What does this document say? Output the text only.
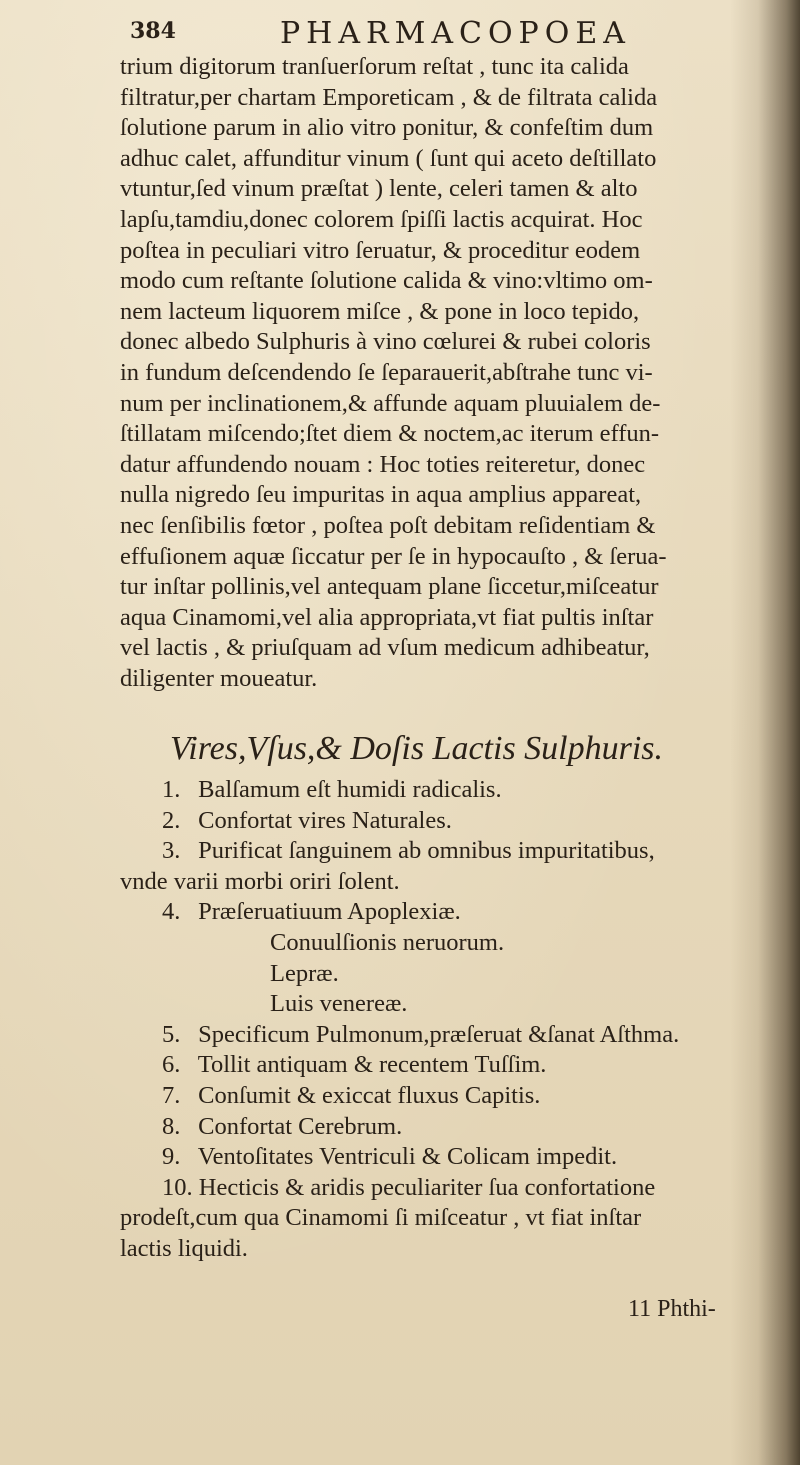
384	PHARMACOPOEA
trium digitorum tranſuerſorum reſtat , tunc ita calida
filtratur,per chartam Emporeticam , & de filtrata calida
ſolutione parum in alio vitro ponitur, & confeſtim dum
adhuc calet, affunditur vinum ( ſunt qui aceto deſtillato
vtuntur,ſed vinum præſtat ) lente, celeri tamen & alto
lapſu,tamdiu,donec colorem ſpiſſi lactis acquirat. Hoc
poſtea in peculiari vitro ſeruatur, & proceditur eodem
modo cum reſtante ſolutione calida & vino:vltimo om-
nem lacteum liquorem miſce , & pone in loco tepido,
donec albedo Sulphuris à vino cœlurei & rubei coloris
in fundum deſcendendo ſe ſeparauerit,abſtrahe tunc vi-
num per inclinationem,& affunde aquam pluuialem de-
ſtillatam miſcendo;ſtet diem & noctem,ac iterum effun-
datur affundendo nouam : Hoc toties reiteretur, donec
nulla nigredo ſeu impuritas in aqua amplius appareat,
nec ſenſibilis fœtor , poſtea poſt debitam reſidentiam &
effuſionem aquæ ſiccatur per ſe in hypocauſto , & ſerua-
tur inſtar pollinis,vel antequam plane ſiccetur,miſceatur
aqua Cinamomi,vel alia appropriata,vt fiat pultis inſtar
vel lactis , & priuſquam ad vſum medicum adhibeatur,
diligenter moueatur.
Vires,Vſus,& Doſis Lactis Sulphuris.
1. Balſamum eſt humidi radicalis.
2. Confortat vires Naturales.
3. Purificat ſanguinem ab omnibus impuritatibus,
vnde varii morbi oriri ſolent.
4. Præſeruatiuum Apoplexiæ.
Conuulſionis neruorum.
Lepræ.
Luis venereæ.
5. Specificum Pulmonum,præſeruat &ſanat Aſthma.
6. Tollit antiquam & recentem Tuſſim.
7. Conſumit & exiccat fluxus Capitis.
8. Confortat Cerebrum.
9. Ventoſitates Ventriculi & Colicam impedit.
10. Hecticis & aridis peculiariter ſua confortatione
prodeſt,cum qua Cinamomi ſi miſceatur , vt fiat inſtar
lactis liquidi.
11 Phthi-
